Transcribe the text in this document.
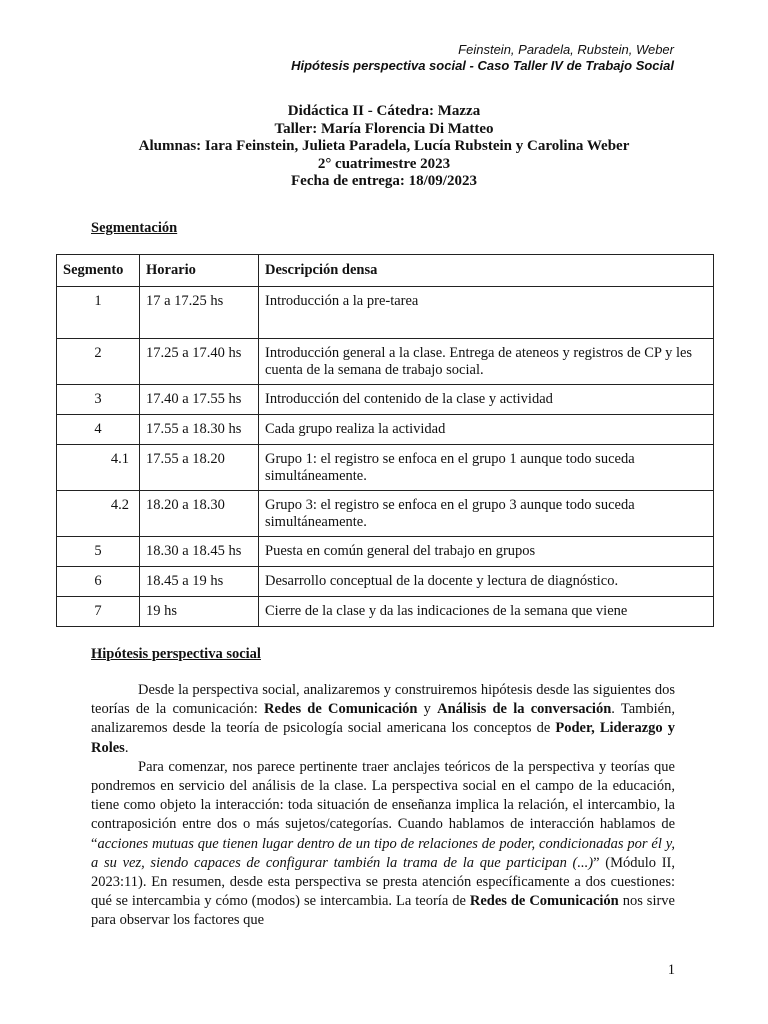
Feinstein, Paradela, Rubstein, Weber
Hipótesis perspectiva social - Caso Taller IV de Trabajo Social
Didáctica II - Cátedra: Mazza
Taller: María Florencia Di Matteo
Alumnas: Iara Feinstein, Julieta Paradela, Lucía Rubstein y Carolina Weber
2° cuatrimestre 2023
Fecha de entrega: 18/09/2023
Segmentación
Segmento	Horario	Descripción densa
1	17 a 17.25 hs	Introducción a la pre-tarea
2	17.25 a 17.40 hs	Introducción general a la clase. Entrega de ateneos y registros de CP y les cuenta de la semana de trabajo social.
3	17.40 a 17.55 hs	Introducción del contenido de la clase y actividad
4	17.55 a 18.30 hs	Cada grupo realiza la actividad
4.1	17.55 a 18.20	Grupo 1: el registro se enfoca en el grupo 1 aunque todo suceda simultáneamente.
4.2	18.20 a 18.30	Grupo 3: el registro se enfoca en el grupo 3 aunque todo suceda simultáneamente.
5	18.30 a 18.45 hs	Puesta en común general del trabajo en grupos
6	18.45 a 19 hs	Desarrollo conceptual de la docente y lectura de diagnóstico.
7	19 hs	Cierre de la clase y da las indicaciones de la semana que viene
Hipótesis perspectiva social

Desde la perspectiva social, analizaremos y construiremos hipótesis desde las siguientes dos teorías de la comunicación: Redes de Comunicación y Análisis de la conversación. También, analizaremos desde la teoría de psicología social americana los conceptos de Poder, Liderazgo y Roles.

Para comenzar, nos parece pertinente traer anclajes teóricos de la perspectiva y teorías que pondremos en servicio del análisis de la clase. La perspectiva social en el campo de la educación, tiene como objeto la interacción: toda situación de enseñanza implica la relación, el intercambio, la contraposición entre dos o más sujetos/categorías. Cuando hablamos de interacción hablamos de “acciones mutuas que tienen lugar dentro de un tipo de relaciones de poder, condicionadas por él y, a su vez, siendo capaces de configurar también la trama de la que participan (...)” (Módulo II, 2023:11). En resumen, desde esta perspectiva se presta atención específicamente a dos cuestiones: qué se intercambia y cómo (modos) se intercambia. La teoría de Redes de Comunicación nos sirve para observar los factores que

1
